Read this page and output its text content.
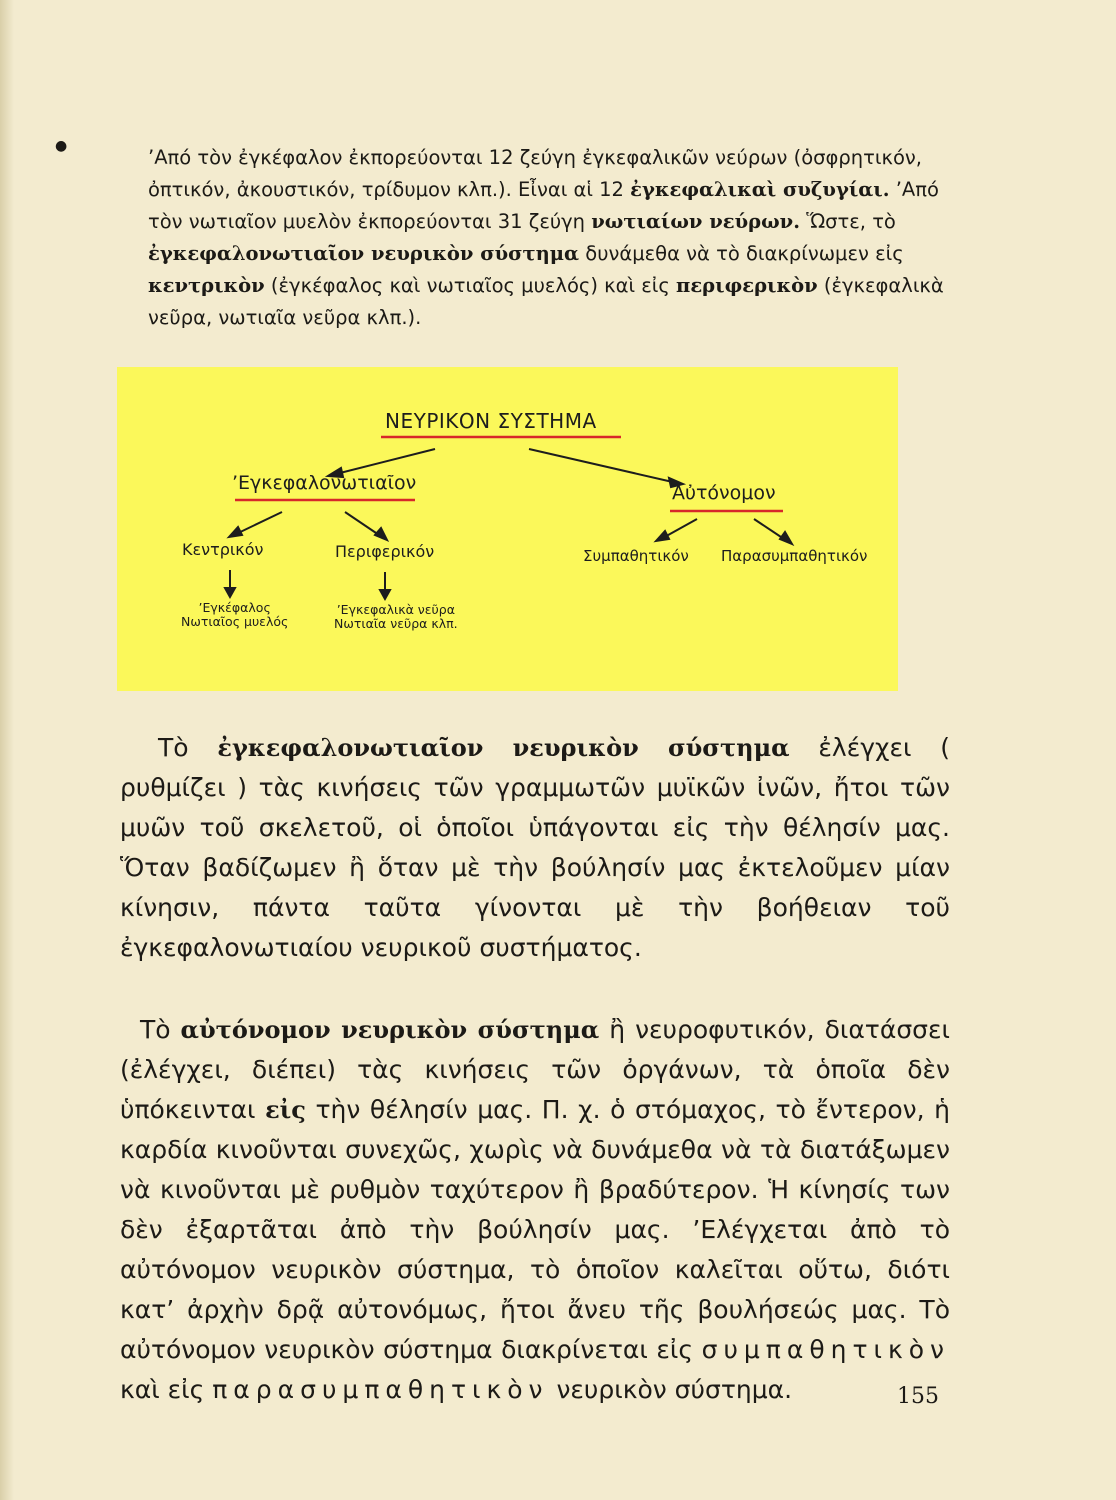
●	’Από τὸν ἐγκέφαλον ἐκπορεύονται 12 ζεύγη ἐγκεφαλικῶν νεύρων (ὀσφρητικόν, ὀπτικόν, ἀκουστικόν, τρίδυμον κλπ.). Εἶναι αἱ 12 ἐγκεφαλικαὶ συζυγίαι. ’Από τὸν νωτιαῖον μυελὸν ἐκπορεύονται 31 ζεύγη νωτιαίων νεύρων. Ὥστε, τὸ ἐγκεφαλονωτιαῖον νευρικὸν σύστημα δυνάμεθα νὰ τὸ διακρίνωμεν εἰς κεντρικὸν (ἐγκέφαλος καὶ νωτιαῖος μυελός) καὶ εἰς περιφερικὸν (ἐγκεφαλικὰ νεῦρα, νωτιαῖα νεῦρα κλπ.).

ΝΕΥΡΙΚΟΝ ΣΥΣΤΗΜΑ
’Εγκεφαλονωτιαῖον	Αὐτόνομον
Κεντρικόν	Περιφερικόν	Συμπαθητικόν Παρασυμπαθητικόν
’Εγκέφαλος
Νωτιαῖος μυελός
’Εγκεφαλικὰ νεῦρα
Νωτιαῖα νεῦρα κλπ.

Τὸ ἐγκεφαλονωτιαῖον νευρικὸν σύστημα ἐλέγχει ( ρυθμίζει ) τὰς κινήσεις τῶν γραμμωτῶν μυϊκῶν ἰνῶν, ἤτοι τῶν μυῶν τοῦ σκελετοῦ, οἱ ὁποῖοι ὑπάγονται εἰς τὴν θέλησίν μας. Ὅταν βαδίζωμεν ἢ ὅταν μὲ τὴν βούλησίν μας ἐκτελοῦμεν μίαν κίνησιν, πάντα ταῦτα γίνονται μὲ τὴν βοήθειαν τοῦ ἐγκεφαλονωτιαίου νευρικοῦ συστήματος.

Τὸ αὐτόνομον νευρικὸν σύστημα ἢ νευροφυτικόν, διατάσσει (ἐλέγχει, διέπει) τὰς κινήσεις τῶν ὀργάνων, τὰ ὁποῖα δὲν ὑπόκεινται εἰς τὴν θέλησίν μας. Π. χ. ὁ στόμαχος, τὸ ἔντερον, ἡ καρδία κινοῦνται συνεχῶς, χωρὶς νὰ δυνάμεθα νὰ τὰ διατάξωμεν νὰ κινοῦνται μὲ ρυθμὸν ταχύτερον ἢ βραδύτερον. Ἡ κίνησίς των δὲν ἐξαρτᾶται ἀπὸ τὴν βούλησίν μας. ’Ελέγχεται ἀπὸ τὸ αὐτόνομον νευρικὸν σύστημα, τὸ ὁποῖον καλεῖται οὕτω, διότι κατ’ ἀρχὴν δρᾷ αὐτονόμως, ἤτοι ἄνευ τῆς βουλήσεώς μας. Τὸ αὐτόνομον νευρικὸν σύστημα διακρίνεται εἰς συμπαθητικὸν καὶ εἰς παρασυμπαθητικὸν νευρικὸν σύστημα.	155
